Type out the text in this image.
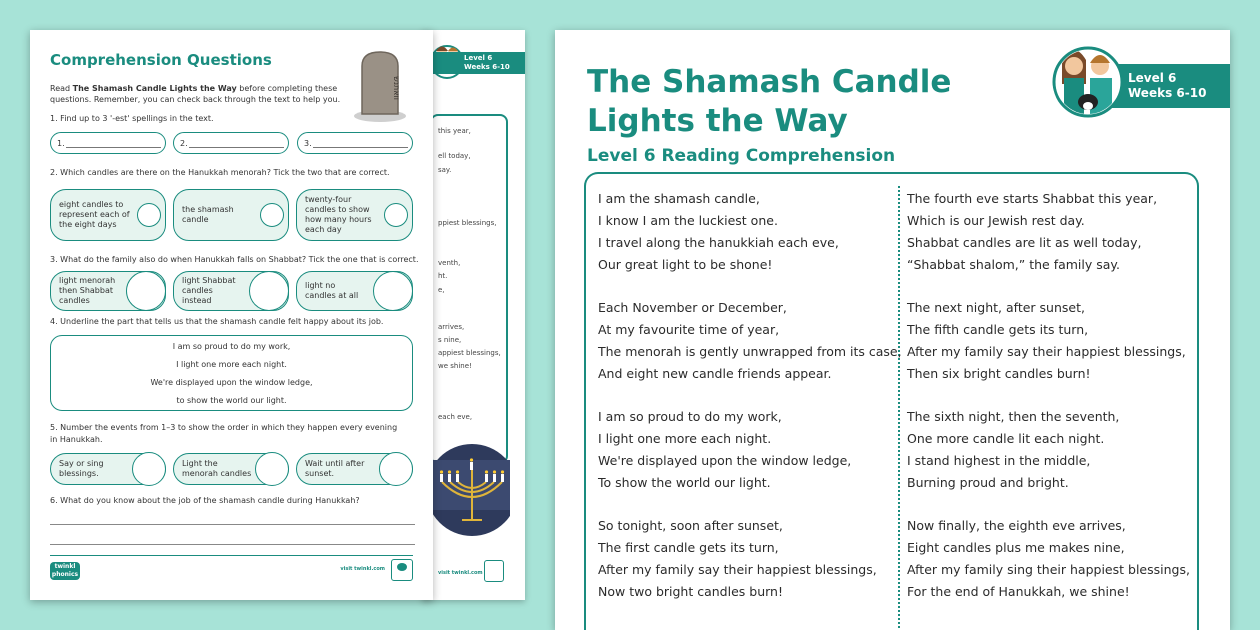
Level 6
Weeks 6-10
this year,
ell today,
say.
ppiest blessings,
venth,
ht.
e,
arrives,
s nine,
appiest blessings,
we shine!
each eve,
visit twinkl.com
Comprehension Questions
וואתנש
Read The Shamash Candle Lights the Way before completing these
questions. Remember, you can check back through the text to help you.
1. Find up to 3 '-est' spellings in the text.
1.	2.	3.
2. Which candles are there on the Hanukkah menorah? Tick the two that are correct.
eight candles to represent each of the eight days
the shamash candle
twenty-four candles to show how many hours each day
3. What do the family also do when Hanukkah falls on Shabbat? Tick the one that is correct.
light menorah then Shabbat candles
light Shabbat candles instead
light no candles at all
4. Underline the part that tells us that the shamash candle felt happy about its job.
I am so proud to do my work,
I light one more each night.
We're displayed upon the window ledge,
to show the world our light.
5. Number the events from 1–3 to show the order in which they happen every evening
in Hanukkah.
Say or sing blessings.
Light the menorah candles
Wait until after sunset.
6. What do you know about the job of the shamash candle during Hanukkah?
twinkl phonics
visit twinkl.com
The Shamash Candle
Lights the Way
Level 6 Reading Comprehension
Level 6
Weeks 6-10
I am the shamash candle,
I know I am the luckiest one.
I travel along the hanukkiah each eve,
Our great light to be shone!
Each November or December,
At my favourite time of year,
The menorah is gently unwrapped from its case,
And eight new candle friends appear.
I am so proud to do my work,
I light one more each night.
We're displayed upon the window ledge,
To show the world our light.
So tonight, soon after sunset,
The first candle gets its turn,
After my family say their happiest blessings,
Now two bright candles burn!
The fourth eve starts Shabbat this year,
Which is our Jewish rest day.
Shabbat candles are lit as well today,
“Shabbat shalom,” the family say.
The next night, after sunset,
The fifth candle gets its turn,
After my family say their happiest blessings,
Then six bright candles burn!
The sixth night, then the seventh,
One more candle lit each night.
I stand highest in the middle,
Burning proud and bright.
Now finally, the eighth eve arrives,
Eight candles plus me makes nine,
After my family sing their happiest blessings,
For the end of Hanukkah, we shine!
